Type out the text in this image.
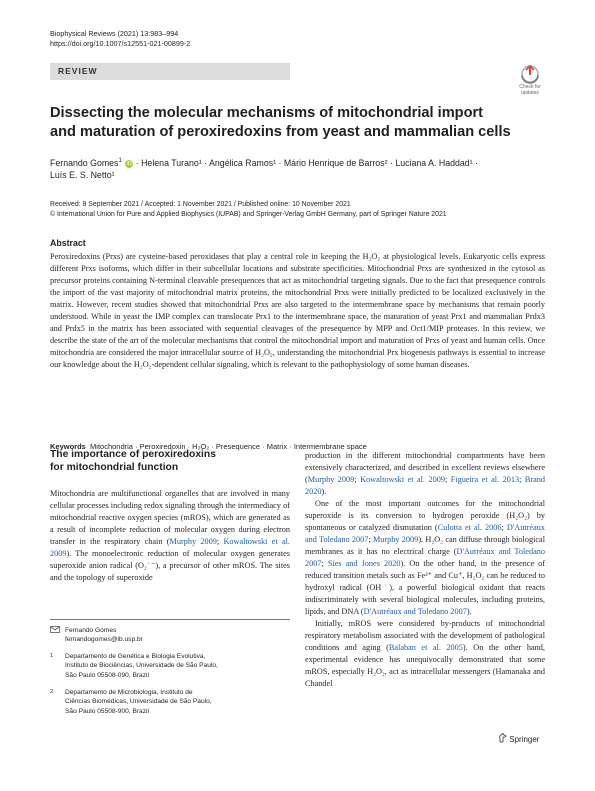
Biophysical Reviews (2021) 13:983–994
https://doi.org/10.1007/s12551-021-00899-2
REVIEW
Check for
updates
Dissecting the molecular mechanisms of mitochondrial import
and maturation of peroxiredoxins from yeast and mammalian cells
Fernando Gomes$^1$ iD · Helena Turano¹ · Angélica Ramos¹ · Mário Henrique de Barros² · Luciana A. Haddad¹ ·
Luís E. S. Netto¹
Received: 8 September 2021 / Accepted: 1 November 2021 / Published online: 10 November 2021
© International Union for Pure and Applied Biophysics (IUPAB) and Springer-Verlag GmbH Germany, part of Springer Nature 2021
Abstract
Peroxiredoxins (Prxs) are cysteine-based peroxidases that play a central role in keeping the H₂O₂ at physiological levels. Eukaryotic cells express different Prxs isoforms, which differ in their subcellular locations and substrate specificities. Mitochondrial Prxs are synthesized in the cytosol as precursor proteins containing N-terminal cleavable presequences that act as mitochondrial targeting signals. Due to the fact that presequence controls the import of the vast majority of mitochondrial matrix proteins, the mitochondrial Prxs were initially predicted to be localized exclusively in the matrix. However, recent studies showed that mitochondrial Prxs are also targeted to the intermembrane space by mechanisms that remain poorly understood. While in yeast the IMP complex can translocate Prx1 to the intermembrane space, the maturation of yeast Prx1 and mammalian Prdx3 and Prdx5 in the matrix has been associated with sequential cleavages of the presequence by MPP and Oct1/MIP proteases. In this review, we describe the state of the art of the molecular mechanisms that control the mitochondrial import and maturation of Prxs of yeast and human cells. Once mitochondria are considered the major intracellular source of H₂O₂, understanding the mitochondrial Prx biogenesis pathways is essential to increase our knowledge about the H₂O₂-dependent cellular signaling, which is relevant to the pathophysiology of some human diseases.
Keywords Mitochondria · Peroxiredoxin · H₂O₂ · Presequence · Matrix · Intermembrane space
The importance of peroxiredoxins
for mitochondrial function

Mitochondria are multifunctional organelles that are involved in many cellular processes including redox signaling through the intermediacy of mitochondrial reactive oxygen species (mROS), which are generated as a result of incomplete reduction of molecular oxygen during electron transfer in the respiratory chain (Murphy 2009; Kowaltowski et al. 2009). The monoelectronic reduction of molecular oxygen generates superoxide anion radical (O₂˙⁻), a precursor of other mROS. The sites and the topology of superoxide

production in the different mitochondrial compartments have been extensively characterized, and described in excellent reviews elsewhere (Murphy 2009; Kowaltowski et al. 2009; Figueira et al. 2013; Brand 2020).

One of the most important outcomes for the mitochondrial superoxide is its conversion to hydrogen peroxide (H₂O₂) by spontaneous or catalyzed dismutation (Culotta et al. 2006; D'Autréaux and Toledano 2007; Murphy 2009). H₂O₂ can diffuse through biological membranes as it has no electrical charge (D'Autréaux and Toledano 2007; Sies and Jones 2020). On the other hand, in the presence of reduced transition metals such as Fe²⁺ and Cu⁺, H₂O₂ can be reduced to hydroxyl radical (OH˙), a powerful biological oxidant that reacts indiscriminately with several biological molecules, including proteins, lipids, and DNA (D'Autréaux and Toledano 2007).

Initially, mROS were considered by-products of mitochondrial respiratory metabolism associated with the development of pathological conditions and aging (Balaban et al. 2005). On the other hand, experimental evidence has unequivocally demonstrated that some mROS, especially H₂O₂, act as intracellular messengers (Hamanaka and Chandel

Fernando Gomes
fernandogomes@ib.usp.br
1 Departamento de Genética e Biologia Evolutiva,
Instituto de Biociências, Universidade de São Paulo,
São Paulo 05508-090, Brazil
2 Departamento de Microbiologia, Instituto de
Ciências Biomédicas, Universidade de São Paulo,
São Paulo 05508-900, Brazil
Springer
